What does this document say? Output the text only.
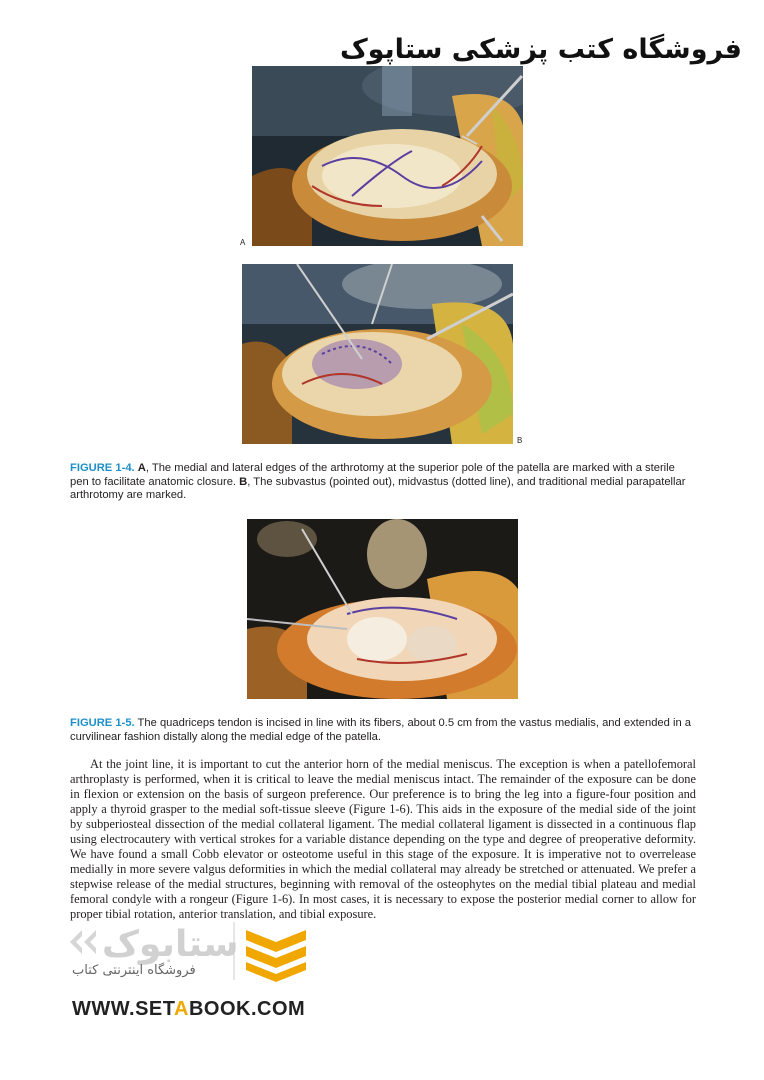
فروشگاه کتب پزشکی ستاپوک
A
B

FIGURE 1-4. A, The medial and lateral edges of the arthrotomy at the superior pole of the patella are marked with a sterile pen to facilitate anatomic closure. B, The subvastus (pointed out), midvastus (dotted line), and traditional medial parapatellar arthrotomy are marked.

FIGURE 1-5. The quadriceps tendon is incised in line with its fibers, about 0.5 cm from the vastus medialis, and extended in a curvilinear fashion distally along the medial edge of the patella.

At the joint line, it is important to cut the anterior horn of the medial meniscus. The exception is when a patellofemoral arthroplasty is performed, when it is critical to leave the medial meniscus intact. The remainder of the exposure can be done in flexion or extension on the basis of surgeon preference. Our preference is to bring the leg into a figure-four position and apply a thyroid grasper to the medial soft-tissue sleeve (Figure 1-6). This aids in the exposure of the medial side of the joint by subperiosteal dissection of the medial collateral ligament. The medial collateral ligament is dissected in a continuous flap using electrocautery with vertical strokes for a variable distance depending on the type and degree of preoperative deformity. We have found a small Cobb elevator or osteotome useful in this stage of the exposure. It is imperative not to overrelease medially in more severe valgus deformities in which the medial collateral may already be stretched or attenuated. We prefer a stepwise release of the medial structures, beginning with removal of the osteophytes on the medial tibial plateau and medial femoral condyle with a rongeur (Figure 1-6). In most cases, it is necessary to expose the posterior medial corner to allow for proper tibial rotation, anterior translation, and tibial exposure.

ستابوک
فروشگاه اینترنتی کتاب
WWW.SETABOOK.COM
